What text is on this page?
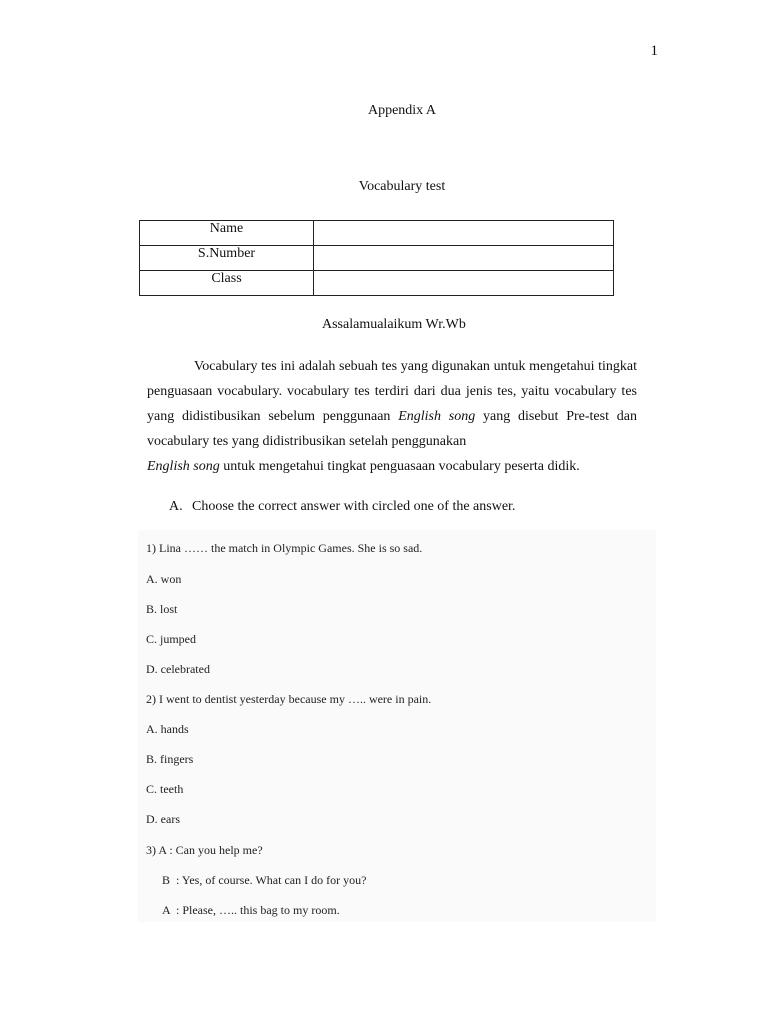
1
Appendix A
Vocabulary test
Name	
S.Number	
Class	
Assalamualaikum Wr.Wb

Vocabulary tes ini adalah sebuah tes yang digunakan untuk mengetahui tingkat penguasaan vocabulary. vocabulary tes terdiri dari dua jenis tes, yaitu vocabulary tes yang didistibusikan sebelum penggunaan English song yang disebut Pre-test dan vocabulary tes yang didistribusikan setelah penggunakan

English song untuk mengetahui tingkat penguasaan vocabulary peserta didik.

A. Choose the correct answer with circled one of the answer.
1) Lina …… the match in Olympic Games. She is so sad.
A. won
B. lost
C. jumped
D. celebrated
2) I went to dentist yesterday because my ….. were in pain.
A. hands
B. fingers
C. teeth
D. ears
3) A : Can you help me?
B  : Yes, of course. What can I do for you?
A  : Please, ….. this bag to my room.
